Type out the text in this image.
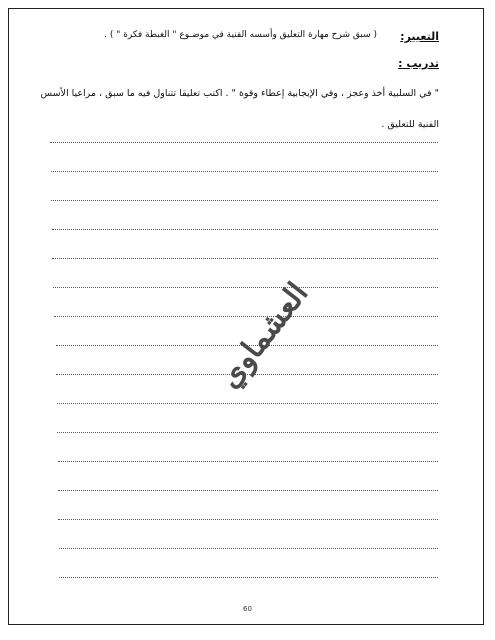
التعبير:
( سبق شرح مهارة التعليق وأسسه الفنية في موضـوع " الغبطة فكرة " ) .
تدريب :
" في السلبية أخذ وعجز ، وفي الإيجابية إعطاء وقوة " . اكتب تعليقا تتناول فيه ما سبق ، مراعيا الأسس
الفنية للتعليق .
العشماوي
60
